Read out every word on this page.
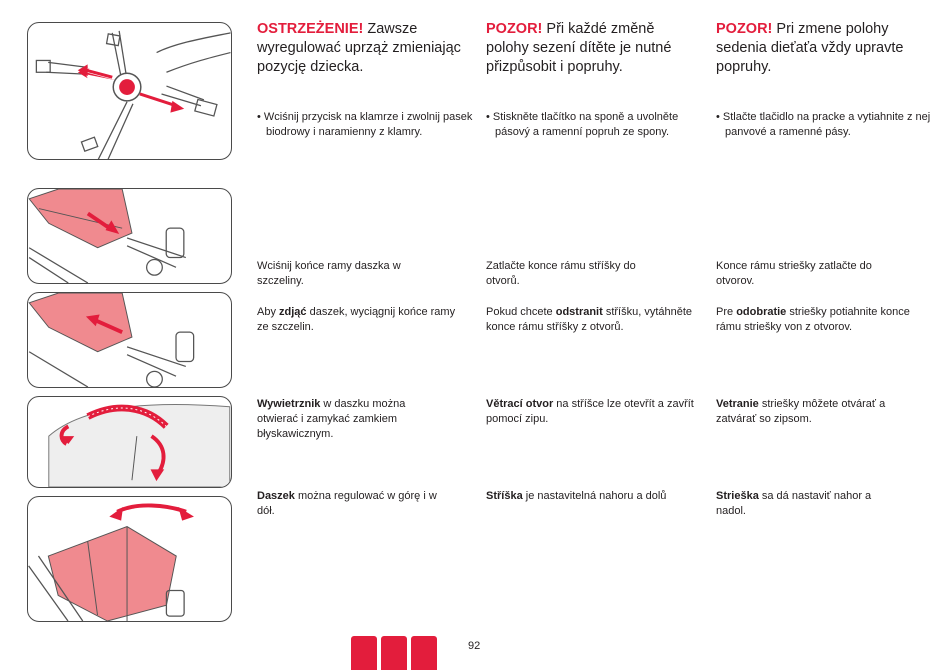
OSTRZEŻENIE! Zawsze wyregulować uprząż zmieniając pozycję dziecka.
POZOR! Při každé změně polohy sezení dítěte je nutné přizpůsobit i popruhy.
POZOR! Pri zmene polohy sedenia dieťaťa vždy upravte popruhy.
• Wciśnij przycisk na klamrze i zwolnij pasek biodrowy i naramienny z klamry.
• Stiskněte tlačítko na sponě a uvolněte pásový a ramenní popruh ze spony.
• Stlačte tlačidlo na pracke a vytiahnite z nej panvové a ramenné pásy.
Wciśnij końce ramy daszka w szczeliny.
Zatlačte konce rámu stříšky do otvorů.
Konce rámu striešky zatlačte do otvorov.
Aby zdjąć daszek, wyciągnij końce ramy ze szczelin.
Pokud chcete odstranit stříšku, vytáhněte konce rámu stříšky z otvorů.
Pre odobratie striešky potiahnite konce rámu striešky von z otvorov.
Wywietrznik w daszku można otwierać i zamykać zamkiem błyskawicznym.
Větrací otvor na stříšce lze otevřít a zavřít pomocí zipu.
Vetranie striešky môžete otvárať a zatvárať so zipsom.
Daszek można regulować w górę i w dół.
Stříška je nastavitelná nahoru a dolů	Strieška sa dá nastaviť nahor a nadol.
92
